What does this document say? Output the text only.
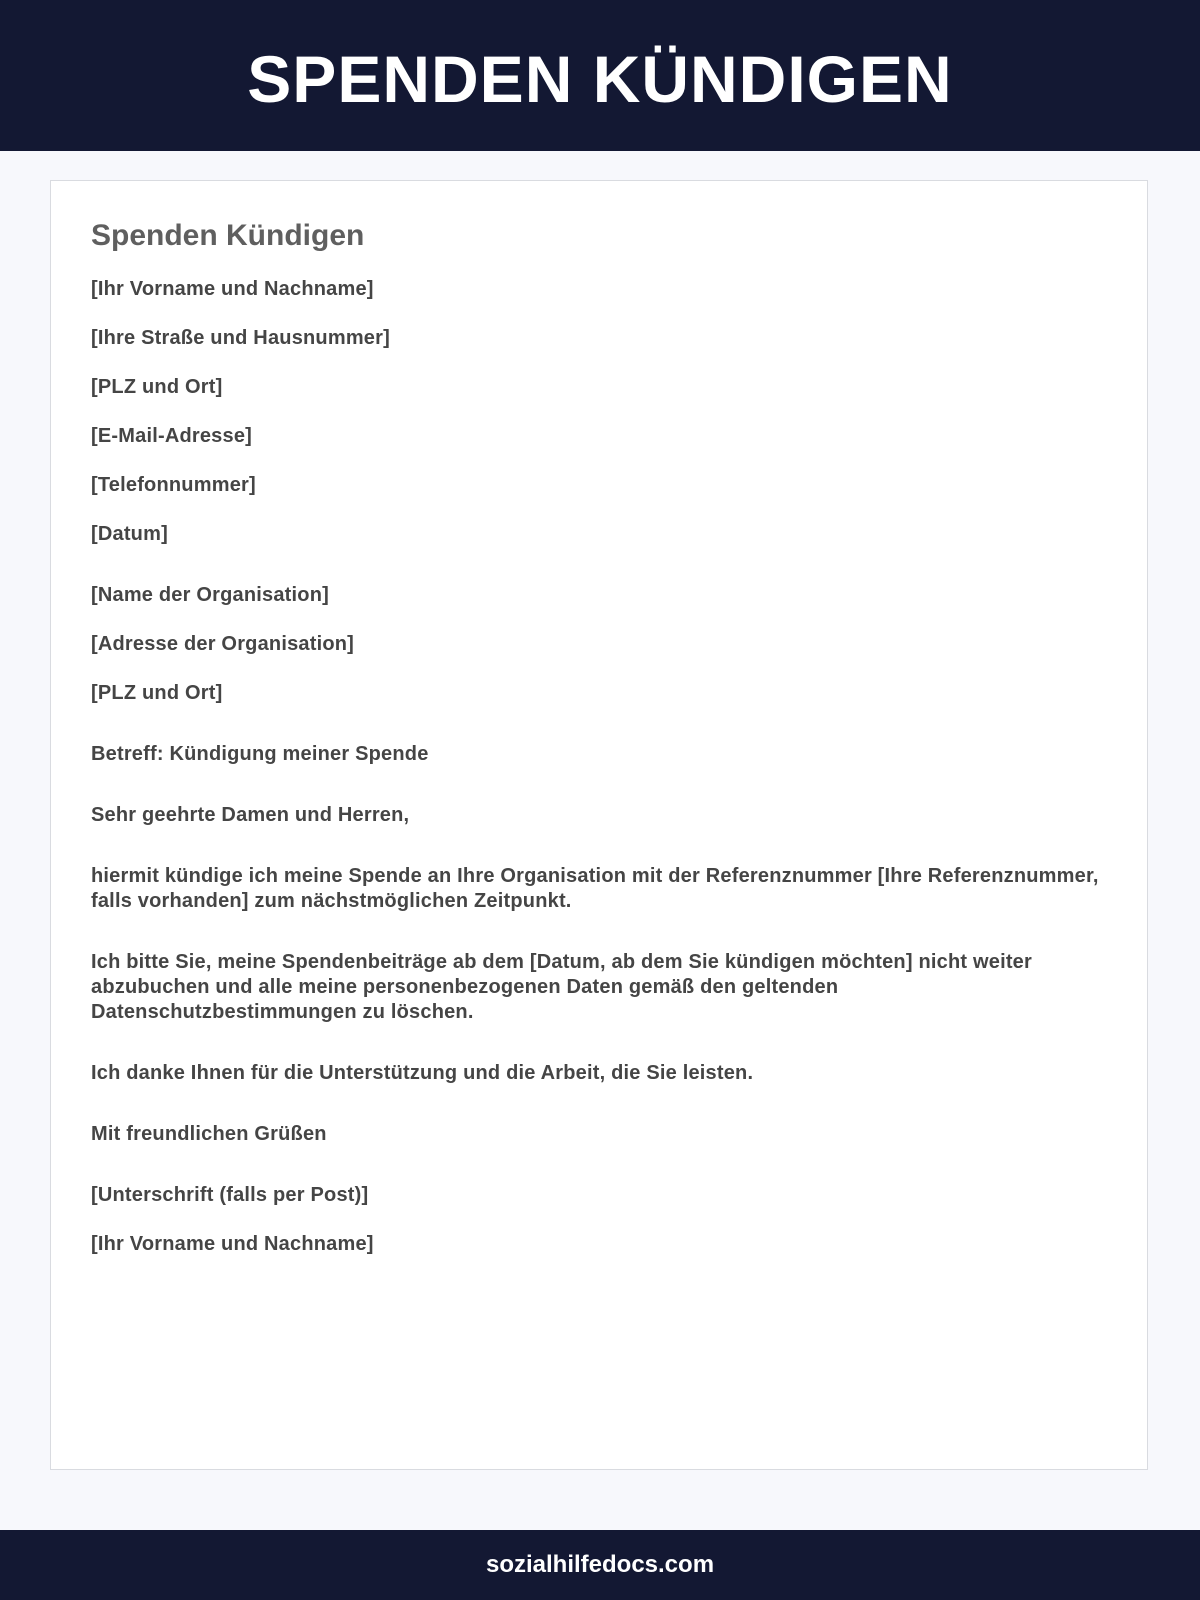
SPENDEN KÜNDIGEN
Spenden Kündigen

[Ihr Vorname und Nachname]

[Ihre Straße und Hausnummer]

[PLZ und Ort]

[E-Mail-Adresse]

[Telefonnummer]

[Datum]

[Name der Organisation]

[Adresse der Organisation]

[PLZ und Ort]

Betreff: Kündigung meiner Spende

Sehr geehrte Damen und Herren,

hiermit kündige ich meine Spende an Ihre Organisation mit der Referenznummer [Ihre Referenznummer, falls vorhanden] zum nächstmöglichen Zeitpunkt.

Ich bitte Sie, meine Spendenbeiträge ab dem [Datum, ab dem Sie kündigen möchten] nicht weiter abzubuchen und alle meine personenbezogenen Daten gemäß den geltenden Datenschutzbestimmungen zu löschen.

Ich danke Ihnen für die Unterstützung und die Arbeit, die Sie leisten.

Mit freundlichen Grüßen

[Unterschrift (falls per Post)]

[Ihr Vorname und Nachname]

sozialhilfedocs.com
